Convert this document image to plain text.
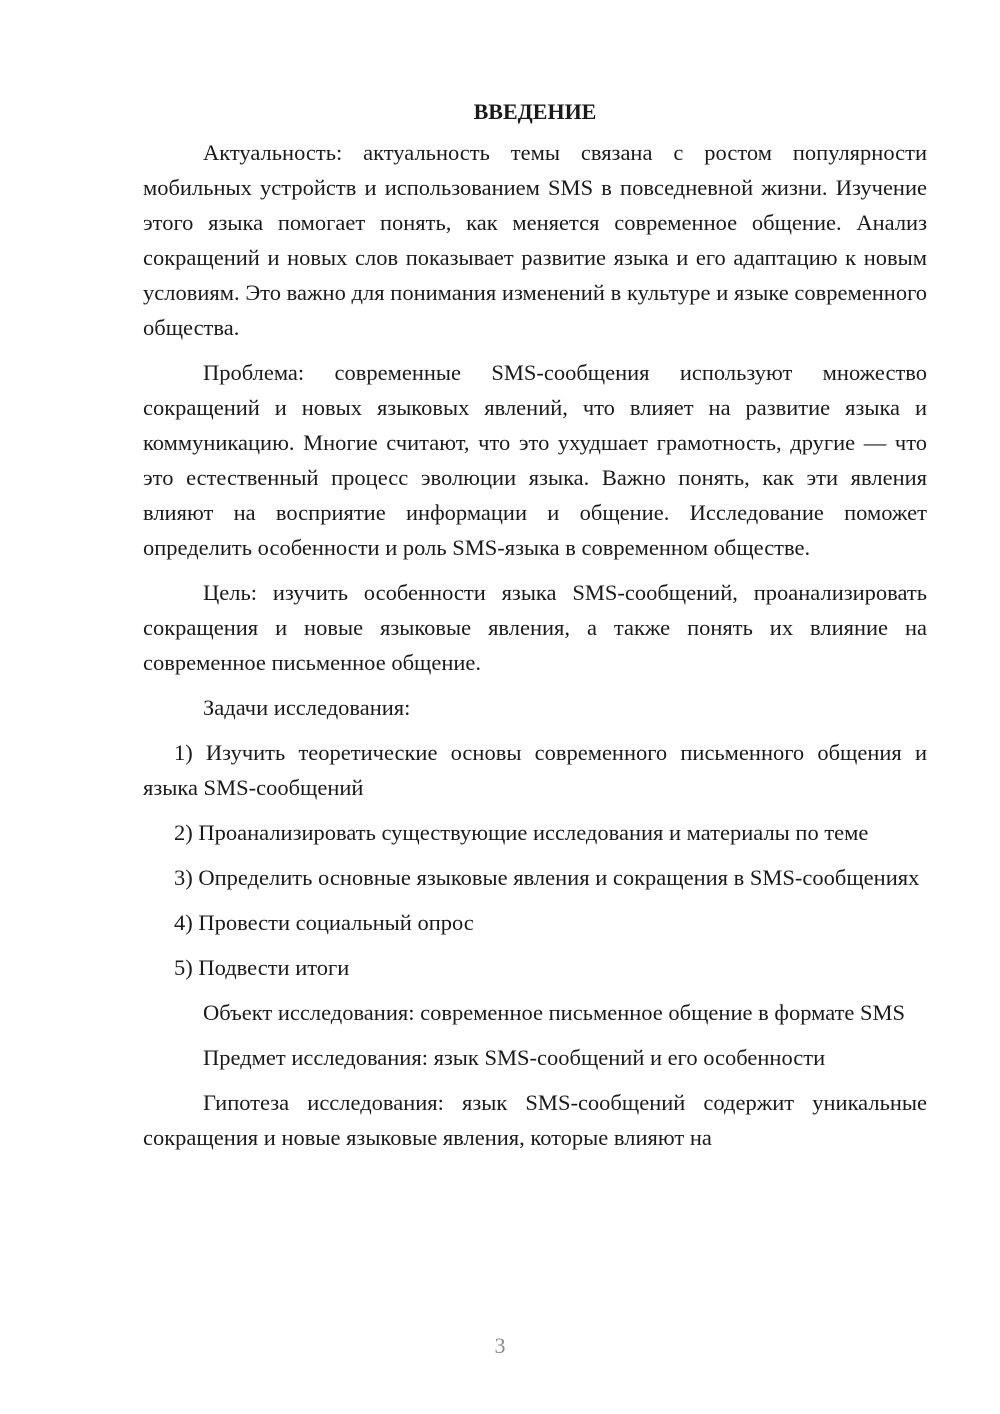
ВВЕДЕНИЕ

Актуальность: актуальность темы связана с ростом популярности мобильных устройств и использованием SMS в повседневной жизни. Изучение этого языка помогает понять, как меняется современное общение. Анализ сокращений и новых слов показывает развитие языка и его адаптацию к новым условиям. Это важно для понимания изменений в культуре и языке современного общества.

Проблема: современные SMS-сообщения используют множество сокращений и новых языковых явлений, что влияет на развитие языка и коммуникацию. Многие считают, что это ухудшает грамотность, другие — что это естественный процесс эволюции языка. Важно понять, как эти явления влияют на восприятие информации и общение. Исследование поможет определить особенности и роль SMS-языка в современном обществе.

Цель: изучить особенности языка SMS-сообщений, проанализировать сокращения и новые языковые явления, а также понять их влияние на современное письменное общение.

Задачи исследования:

1) Изучить теоретические основы современного письменного общения и языка SMS-сообщений

2) Проанализировать существующие исследования и материалы по теме

3) Определить основные языковые явления и сокращения в SMS-сообщениях

4) Провести социальный опрос

5) Подвести итоги

Объект исследования: современное письменное общение в формате SMS

Предмет исследования: язык SMS-сообщений и его особенности

Гипотеза исследования: язык SMS-сообщений содержит уникальные сокращения и новые языковые явления, которые влияют на

3
